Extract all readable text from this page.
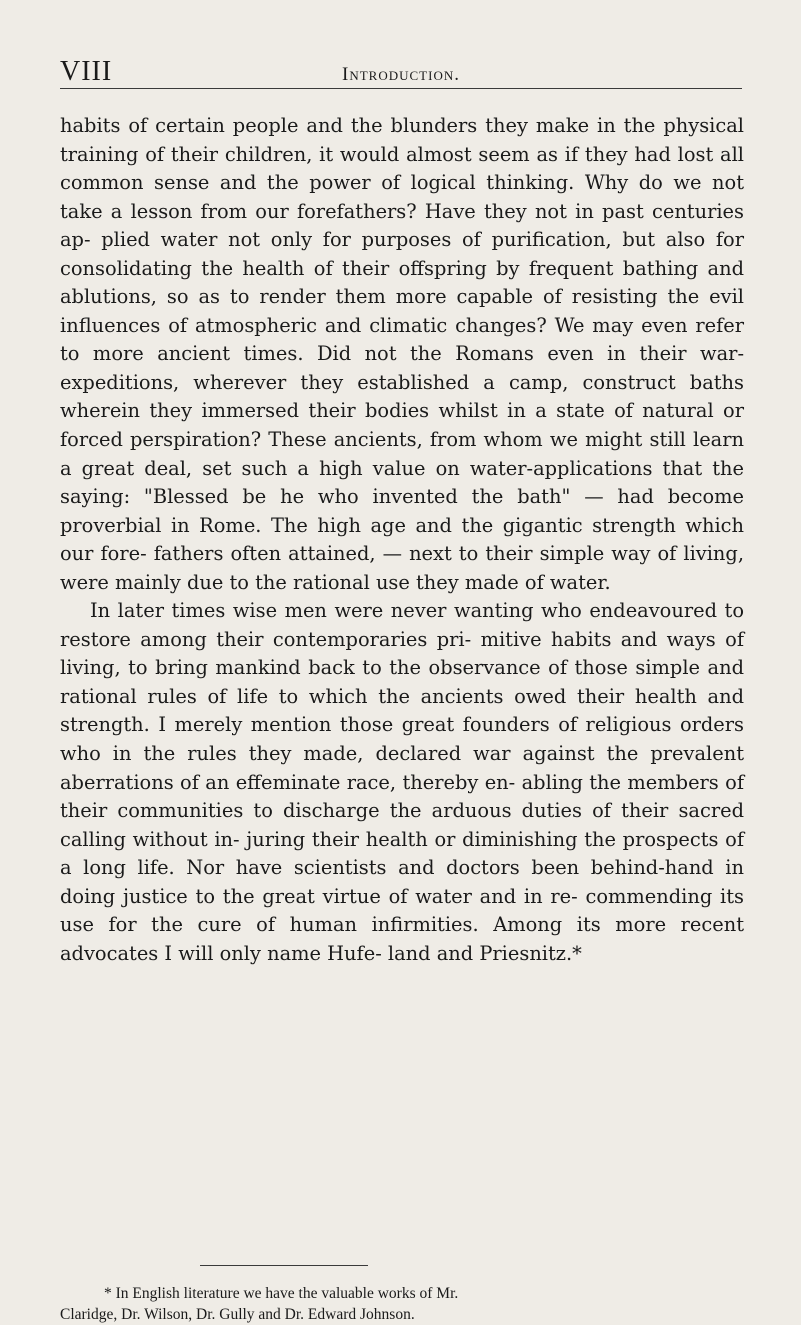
VIII	Introduction.

habits of certain people and the blunders they make in the physical training of their children, it would almost seem as if they had lost all common sense and the power of logical thinking. Why do we not take a lesson from our forefathers? Have they not in past centuries ap- plied water not only for purposes of purification, but also for consolidating the health of their offspring by frequent bathing and ablutions, so as to render them more capable of resisting the evil influences of atmospheric and climatic changes? We may even refer to more ancient times. Did not the Romans even in their war-expeditions, wherever they established a camp, construct baths wherein they immersed their bodies whilst in a state of natural or forced perspiration? These ancients, from whom we might still learn a great deal, set such a high value on water-applications that the saying: "Blessed be he who invented the bath" — had become proverbial in Rome. The high age and the gigantic strength which our fore- fathers often attained, — next to their simple way of living, were mainly due to the rational use they made of water.

In later times wise men were never wanting who endeavoured to restore among their contemporaries pri- mitive habits and ways of living, to bring mankind back to the observance of those simple and rational rules of life to which the ancients owed their health and strength. I merely mention those great founders of religious orders who in the rules they made, declared war against the prevalent aberrations of an effeminate race, thereby en- abling the members of their communities to discharge the arduous duties of their sacred calling without in- juring their health or diminishing the prospects of a long life. Nor have scientists and doctors been behind-hand in doing justice to the great virtue of water and in re- commending its use for the cure of human infirmities. Among its more recent advocates I will only name Hufe- land and Priesnitz.*

* In English literature we have the valuable works of Mr.
Claridge, Dr. Wilson, Dr. Gully and Dr. Edward Johnson.
